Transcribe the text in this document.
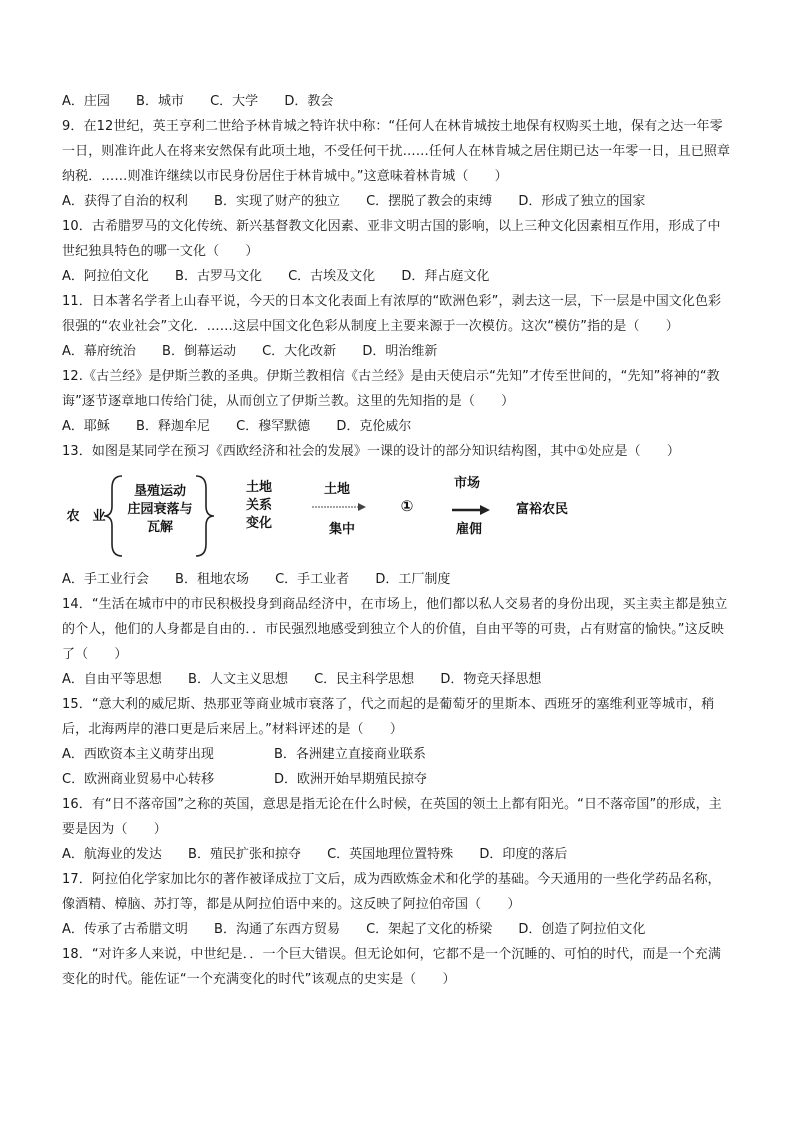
A．庄园 B．城市 C．大学 D．教会

9．在12世纪，英王亨利二世给予林肯城之特许状中称：“任何人在林肯城按土地保有权购买土地，保有之达一年零一日，则准许此人在将来安然保有此项土地，不受任何干扰……任何人在林肯城之居住期已达一年零一日，且已照章纳税．……则准许继续以市民身份居住于林肯城中。”这意味着林肯城（　　）

A．获得了自治的权利 B．实现了财产的独立 C．摆脱了教会的束缚 D．形成了独立的国家

10．古希腊罗马的文化传统、新兴基督教文化因素、亚非文明古国的影响，以上三种文化因素相互作用，形成了中世纪独具特色的哪一文化（　　）

A．阿拉伯文化 B．古罗马文化 C．古埃及文化 D．拜占庭文化

11．日本著名学者上山春平说，今天的日本文化表面上有浓厚的“欧洲色彩”，剥去这一层，下一层是中国文化色彩很强的“农业社会”文化．……这层中国文化色彩从制度上主要来源于一次模仿。这次“模仿”指的是（　　）

A．幕府统治 B．倒幕运动 C．大化改新 D．明治维新

12.《古兰经》是伊斯兰教的圣典。伊斯兰教相信《古兰经》是由天使启示“先知”才传至世间的，“先知”将神的“教诲”逐节逐章地口传给门徒，从而创立了伊斯兰教。这里的先知指的是（　　）

A．耶稣 B．释迦牟尼 C．穆罕默德 D．克伦威尔

13．如图是某同学在预习《西欧经济和社会的发展》一课的设计的部分知识结构图，其中①处应是（　　）

农　业
垦殖运动
庄园衰落与
瓦解
土地
关系
变化
土地
集中
①
市场
雇佣
富裕农民

A．手工业行会 B．租地农场 C．手工业者 D．工厂制度

14．“生活在城市中的市民积极投身到商品经济中，在市场上，他们都以私人交易者的身份出现，买主卖主都是独立的个人，他们的人身都是自由的．．市民强烈地感受到独立个人的价值，自由平等的可贵，占有财富的愉快。”这反映了（　　）

A．自由平等思想 B．人文主义思想 C．民主科学思想 D．物竞天择思想

15．“意大利的威尼斯、热那亚等商业城市衰落了，代之而起的是葡萄牙的里斯本、西班牙的塞维利亚等城市，稍后，北海两岸的港口更是后来居上。”材料评述的是（　　）

A．西欧资本主义萌芽出现	B．各洲建立直接商业联系

C．欧洲商业贸易中心转移	D．欧洲开始早期殖民掠夺

16．有“日不落帝国”之称的英国，意思是指无论在什么时候，在英国的领土上都有阳光。“日不落帝国”的形成，主要是因为（　　）

A．航海业的发达 B．殖民扩张和掠夺 C．英国地理位置特殊 D．印度的落后

17．阿拉伯化学家加比尔的著作被译成拉丁文后，成为西欧炼金术和化学的基础。今天通用的一些化学药品名称，像酒精、樟脑、苏打等，都是从阿拉伯语中来的。这反映了阿拉伯帝国（　　）

A．传承了古希腊文明 B．沟通了东西方贸易 C．架起了文化的桥梁 D．创造了阿拉伯文化

18．“对许多人来说，中世纪是．．一个巨大错误。但无论如何，它都不是一个沉睡的、可怕的时代，而是一个充满变化的时代。能佐证“一个充满变化的时代”该观点的史实是（　　）
